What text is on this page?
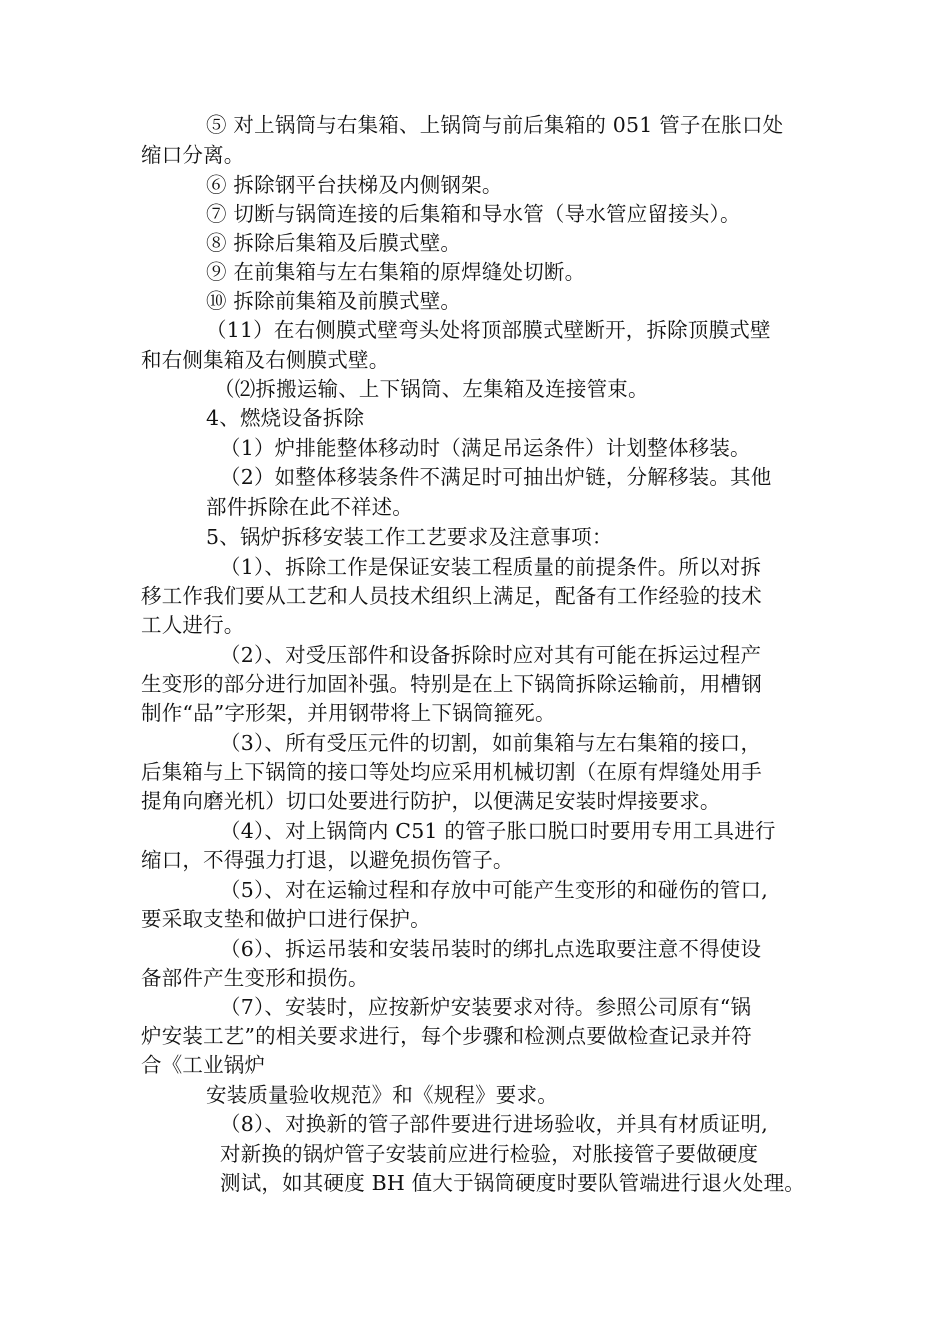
⑤ 对上锅筒与右集箱、上锅筒与前后集箱的 051 管子在胀口处
缩口分离。
⑥ 拆除钢平台扶梯及内侧钢架。
⑦ 切断与锅筒连接的后集箱和导水管（导水管应留接头）。
⑧ 拆除后集箱及后膜式壁。
⑨ 在前集箱与左右集箱的原焊缝处切断。
⑩ 拆除前集箱及前膜式壁。
（11）在右侧膜式壁弯头处将顶部膜式壁断开，拆除顶膜式壁
和右侧集箱及右侧膜式壁。
（⑵拆搬运输、上下锅筒、左集箱及连接管束。
4、燃烧设备拆除
（1）炉排能整体移动时（满足吊运条件）计划整体移装。
（2）如整体移装条件不满足时可抽出炉链，分解移装。其他
部件拆除在此不祥述。
5、锅炉拆移安装工作工艺要求及注意事项：
（1）、拆除工作是保证安装工程质量的前提条件。所以对拆
移工作我们要从工艺和人员技术组织上满足，配备有工作经验的技术
工人进行。
（2）、对受压部件和设备拆除时应对其有可能在拆运过程产
生变形的部分进行加固补强。特别是在上下锅筒拆除运输前，用槽钢
制作“品”字形架，并用钢带将上下锅筒箍死。
（3）、所有受压元件的切割，如前集箱与左右集箱的接口，
后集箱与上下锅筒的接口等处均应采用机械切割（在原有焊缝处用手
提角向磨光机）切口处要进行防护，以便满足安装时焊接要求。
（4）、对上锅筒内 C51 的管子胀口脱口时要用专用工具进行
缩口，不得强力打退，以避免损伤管子。
（5）、对在运输过程和存放中可能产生变形的和碰伤的管口,
要采取支垫和做护口进行保护。
（6）、拆运吊装和安装吊装时的绑扎点选取要注意不得使设
备部件产生变形和损伤。
（7）、安装时，应按新炉安装要求对待。参照公司原有“锅
炉安装工艺”的相关要求进行，每个步骤和检测点要做检查记录并符
合《工业锅炉
安装质量验收规范》和《规程》要求。
（8）、对换新的管子部件要进行进场验收，并具有材质证明,
对新换的锅炉管子安装前应进行检验，对胀接管子要做硬度
测试，如其硬度 BH 值大于锅筒硬度时要队管端进行退火处理。
